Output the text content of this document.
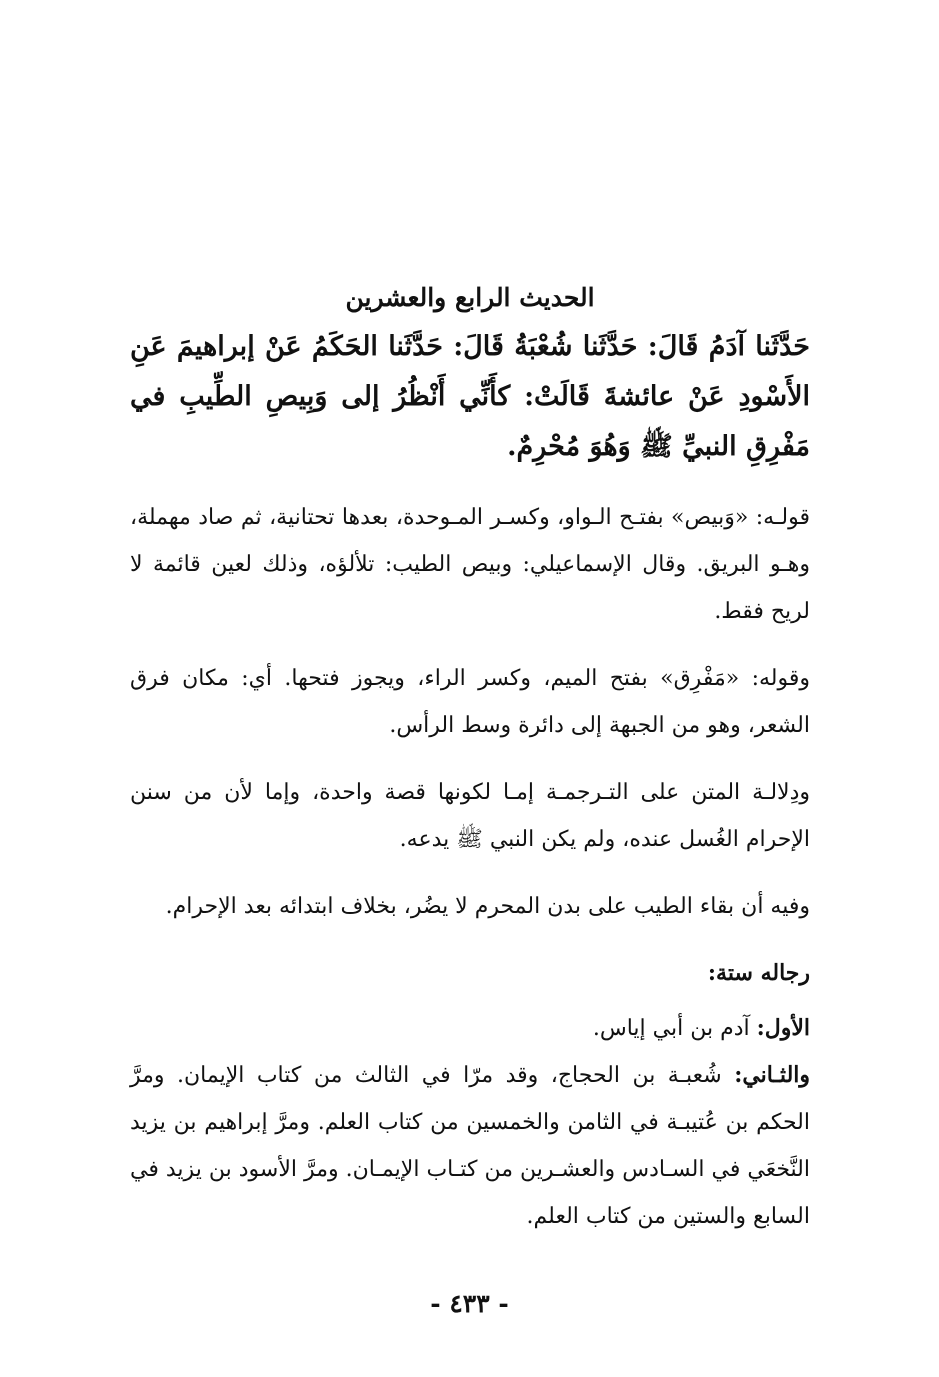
الحديث الرابع والعشرين

حَدَّثَنا آدَمُ قَالَ: حَدَّثَنا شُعْبَةُ قَالَ: حَدَّثَنا الحَكَمُ عَنْ إبراهيمَ عَنِ الأَسْودِ عَنْ عائشةَ قَالَتْ: كأَنِّي أَنْظُرُ إلى وَبِيصِ الطِّيبِ في مَفْرِقِ النبيِّ ﷺ وَهُوَ مُحْرِمٌ.

قولـه: «وَبيص» بفتـح الـواو، وكسـر المـوحدة، بعدها تحتانية، ثم صاد مهملة، وهـو البريق. وقال الإسماعيلي: وبيص الطيب: تلألؤه، وذلك لعين قائمة لا لريح فقط.

وقوله: «مَفْرِق» بفتح الميم، وكسر الراء، ويجوز فتحها. أي: مكان فرق الشعر، وهو من الجبهة إلى دائرة وسط الرأس.

ودِلالـة المتن على التـرجمـة إمـا لكونها قصة واحدة، وإما لأن من سنن الإحرام الغُسل عنده، ولم يكن النبي ﷺ يدعه.

وفيه أن بقاء الطيب على بدن المحرم لا يضُر، بخلاف ابتدائه بعد الإحرام.

رجاله ستة:

الأول: آدم بن أبي إياس.

والثـاني: شُعبـة بن الحجاج، وقد مرّا في الثالث من كتاب الإيمان. ومرَّ الحكم بن عُتيبـة في الثامن والخمسين من كتاب العلم. ومرَّ إبراهيم بن يزيد النَّخعَي في السـادس والعشـرين من كتـاب الإيمـان. ومرَّ الأسود بن يزيد في السابع والستين من كتاب العلم.

- ٤٣٣ -
